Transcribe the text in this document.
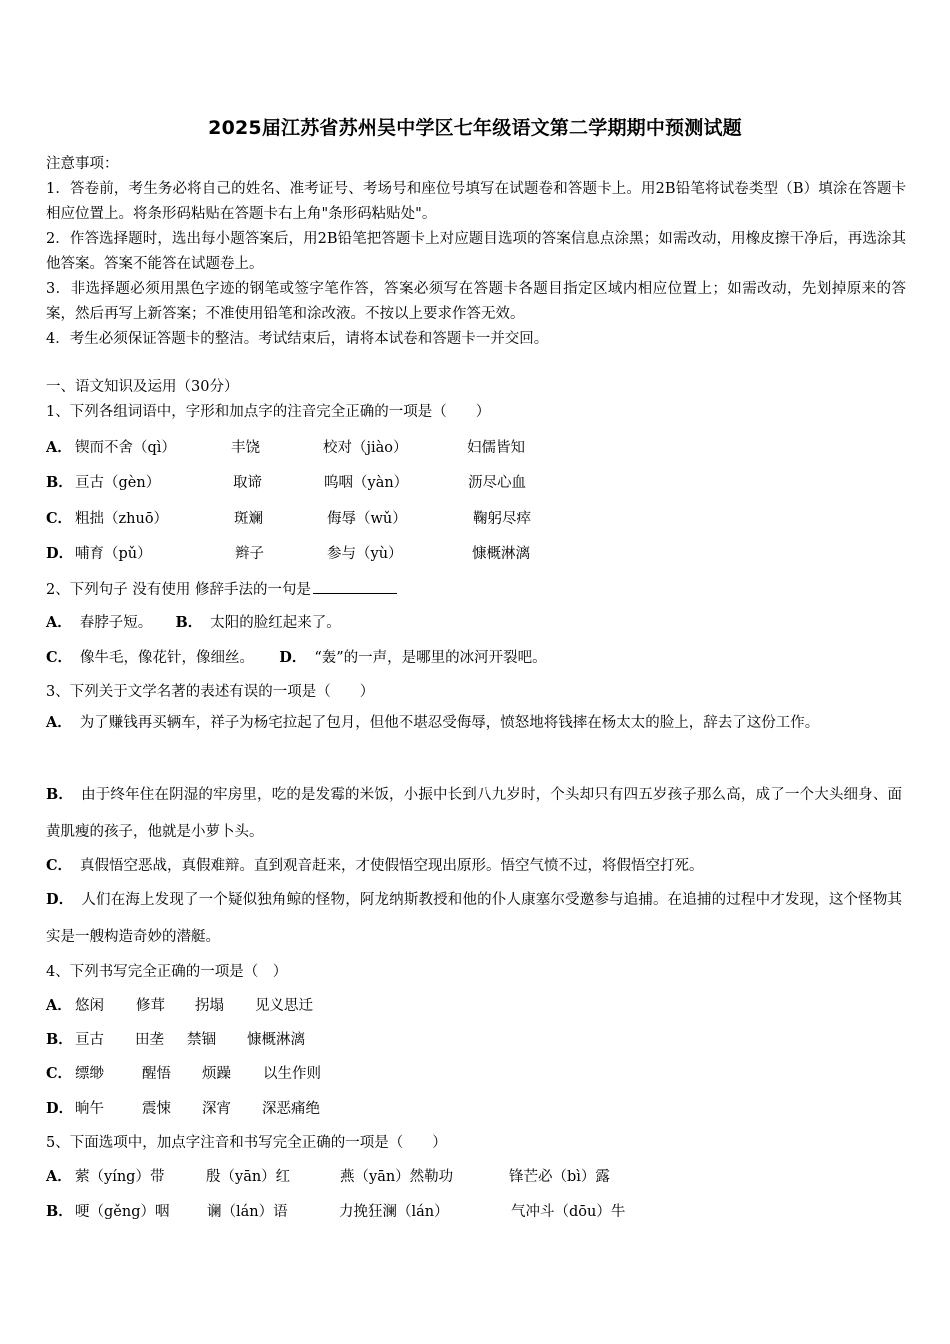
2025届江苏省苏州吴中学区七年级语文第二学期期中预测试题

注意事项：

1．答卷前，考生务必将自己的姓名、准考证号、考场号和座位号填写在试题卷和答题卡上。用2B铅笔将试卷类型（B）填涂在答题卡相应位置上。将条形码粘贴在答题卡右上角"条形码粘贴处"。

2．作答选择题时，选出每小题答案后，用2B铅笔把答题卡上对应题目选项的答案信息点涂黑；如需改动，用橡皮擦干净后，再选涂其他答案。答案不能答在试题卷上。

3．非选择题必须用黑色字迹的钢笔或签字笔作答，答案必须写在答题卡各题目指定区域内相应位置上；如需改动，先划掉原来的答案，然后再写上新答案；不准使用铅笔和涂改液。不按以上要求作答无效。

4．考生必须保证答题卡的整洁。考试结束后，请将本试卷和答题卡一并交回。

一、语文知识及运用（30分）
1、下列各组词语中，字形和加点字的注音完全正确的一项是（　　）
A． 锲而不舍（qì）	丰饶	校对（jiào）	妇儒皆知
B． 亘古（gèn）	取谛	呜咽（yàn）	沥尽心血
C． 粗拙（zhuō）	斑斓	侮辱（wǔ）	鞠躬尽瘁
D． 哺育（pǔ）	辫子	参与（yù）	慷概淋漓
2、下列句子 没有使用 修辞手法的一句是
A． 春脖子短。 B． 太阳的脸红起来了。
C． 像牛毛，像花针，像细丝。 D． “轰”的一声，是哪里的冰河开裂吧。
3、下列关于文学名著的表述有误的一项是（　　）
A． 为了赚钱再买辆车，祥子为杨宅拉起了包月，但他不堪忍受侮辱，愤怒地将钱摔在杨太太的脸上，辞去了这份工作。
B． 由于终年住在阴湿的牢房里，吃的是发霉的米饭，小振中长到八九岁时，个头却只有四五岁孩子那么高，成了一个大头细身、面黄肌瘦的孩子，他就是小萝卜头。
C． 真假悟空恶战，真假难辩。直到观音赶来，才使假悟空现出原形。悟空气愤不过，将假悟空打死。
D． 人们在海上发现了一个疑似独角鲸的怪物，阿龙纳斯教授和他的仆人康塞尔受邀参与追捕。在追捕的过程中才发现，这个怪物其实是一艘构造奇妙的潜艇。
4、下列书写完全正确的一项是（　）
A． 悠闲 修茸 拐塌 见义思迁
B． 亘古 田垄 禁锢 慷概淋漓
C． 缥缈	醒悟 烦躁 以生作则
D． 晌午	震悚 深宵 深恶痛绝
5、下面选项中，加点字注音和书写完全正确的一项是（　　）
A． 萦（yíng）带	殷（yān）红	燕（yān）然勒功	锋芒必（bì）露
B． 哽（gěng）咽	谰（lán）语	力挽狂澜（lán）	气冲斗（dōu）牛
